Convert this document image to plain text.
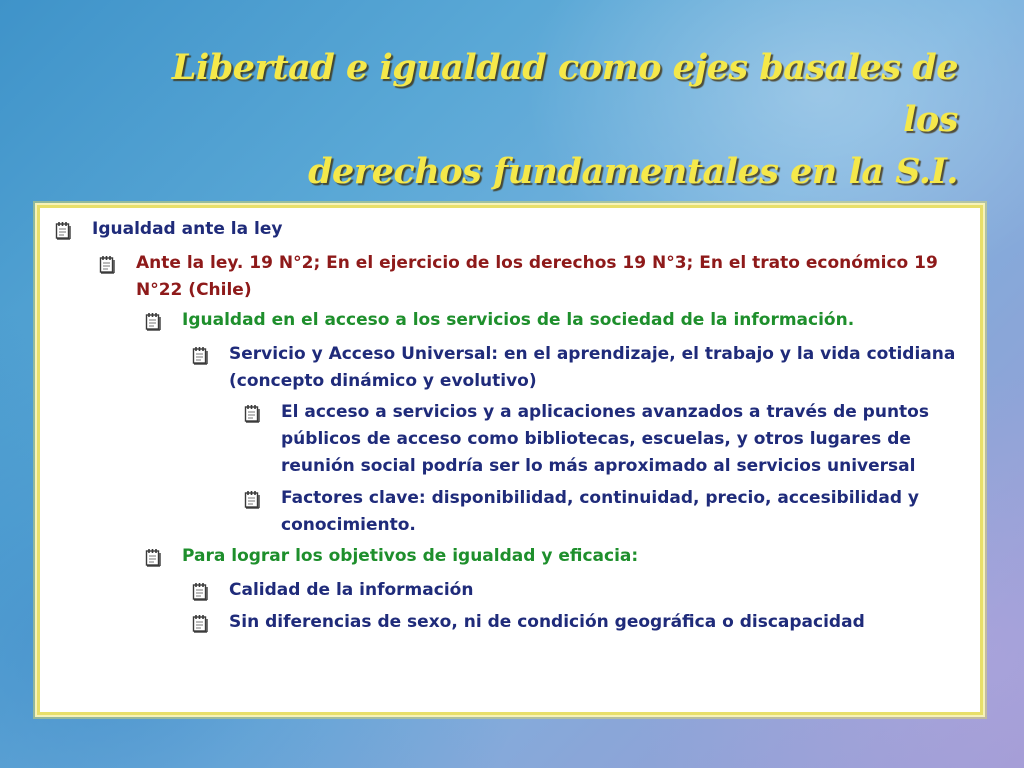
Libertad e igualdad como ejes basales de los
derechos fundamentales en la S.I.
Igualdad ante la ley
Ante la ley. 19 N°2; En el ejercicio de los derechos 19 N°3; En el trato económico 19 N°22 (Chile)
Igualdad en el acceso a los servicios de la sociedad de la información.
Servicio y Acceso Universal: en el aprendizaje, el trabajo y la vida cotidiana (concepto dinámico y evolutivo)
El acceso a servicios y a aplicaciones avanzados a través de puntos públicos de acceso como bibliotecas, escuelas, y otros lugares de reunión social podría ser lo más aproximado al servicios universal
Factores clave: disponibilidad, continuidad, precio, accesibilidad y conocimiento.
Para lograr los objetivos de igualdad y eficacia:
Calidad de la información
Sin diferencias de sexo, ni de condición geográfica o discapacidad
